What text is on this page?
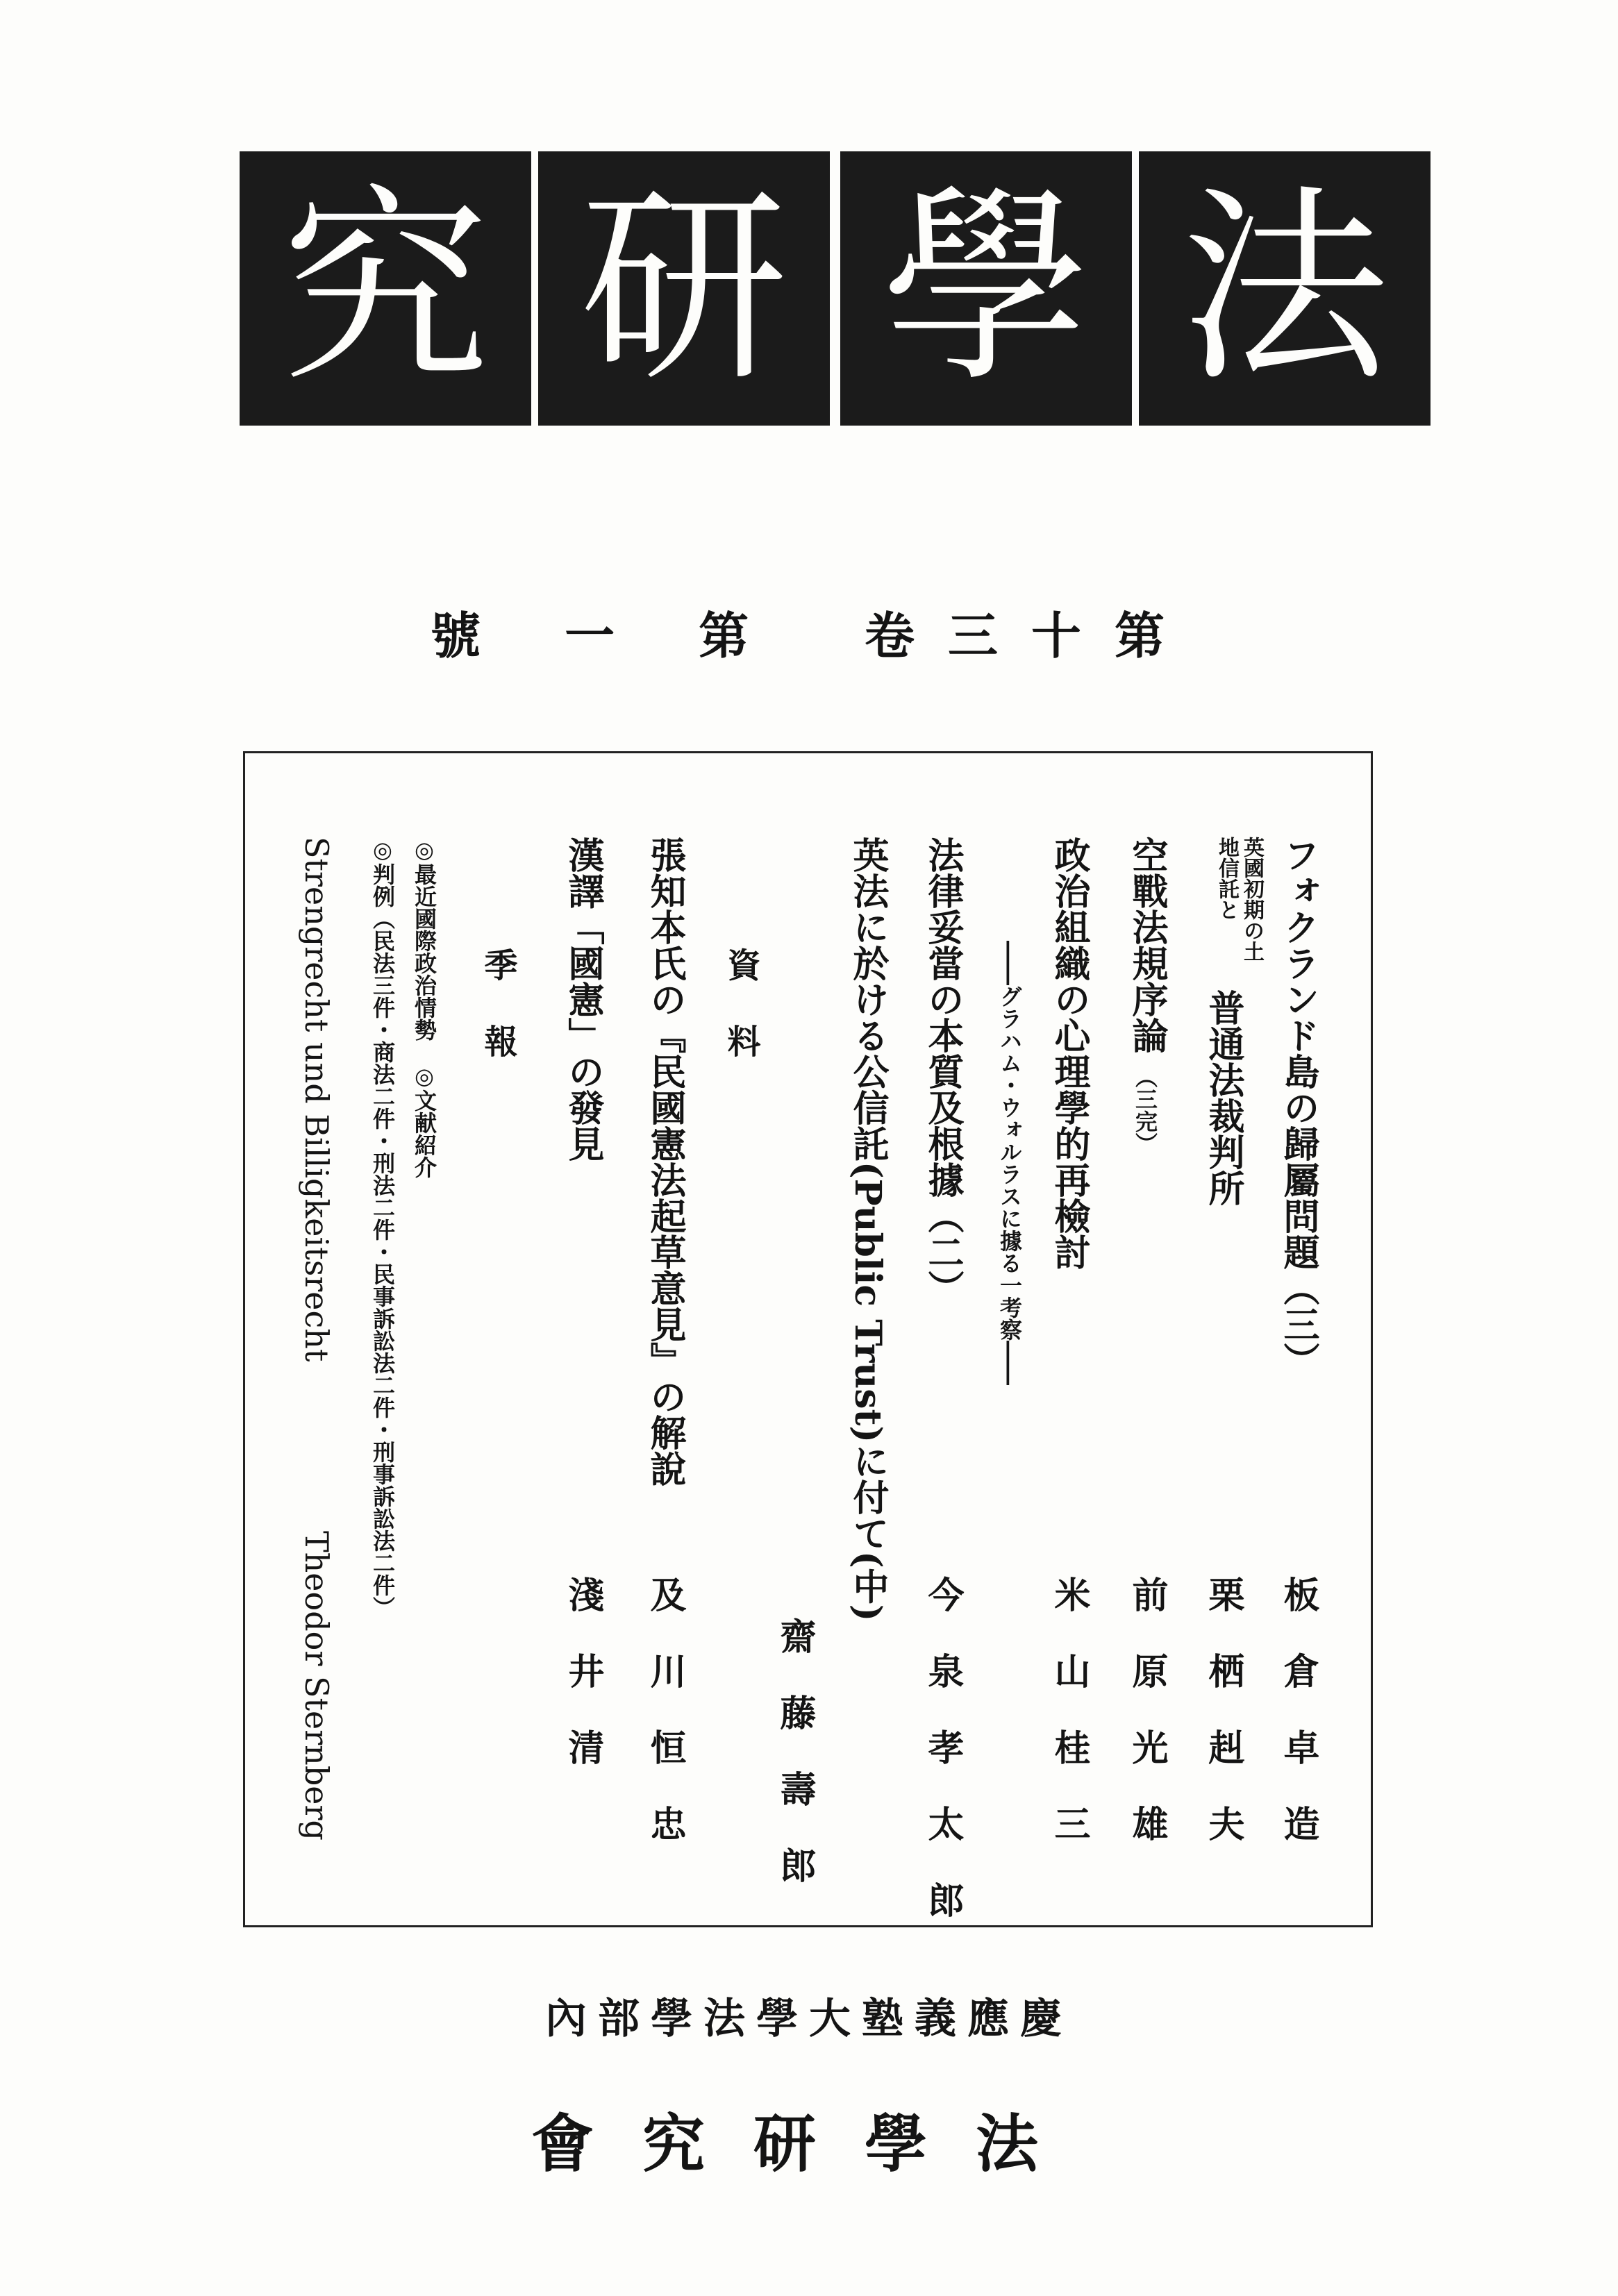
究 研 學 法
號 一 第 卷三十第
フォクランド島の歸屬問題（三）
板倉卓造
英國初期の土地信託と
普通法裁判所
栗栖赳夫
空戰法規序論
（三完）
前原光雄
政治組織の心理學的再檢討
――グラハム・ウォルラスに據る一考察――
米山桂三
法律妥當の本質及根據（二）
今泉孝太郎
英法に於ける公信託(Public Trust)に付て(中)
齋藤壽郎
資料
張知本氏の『民國憲法起草意見』の解說
及川恒忠
漢譯「國憲」の發見
淺井清
季報
◎最近國際政治情勢　◎文献紹介
◎判例（民法三件・商法二件・刑法二件・民事訴訟法二件・刑事訴訟法二件）
Strengrecht und Billigkeitsrecht
Theodor Sternberg
內部學法學大塾義應慶
會究研學法
